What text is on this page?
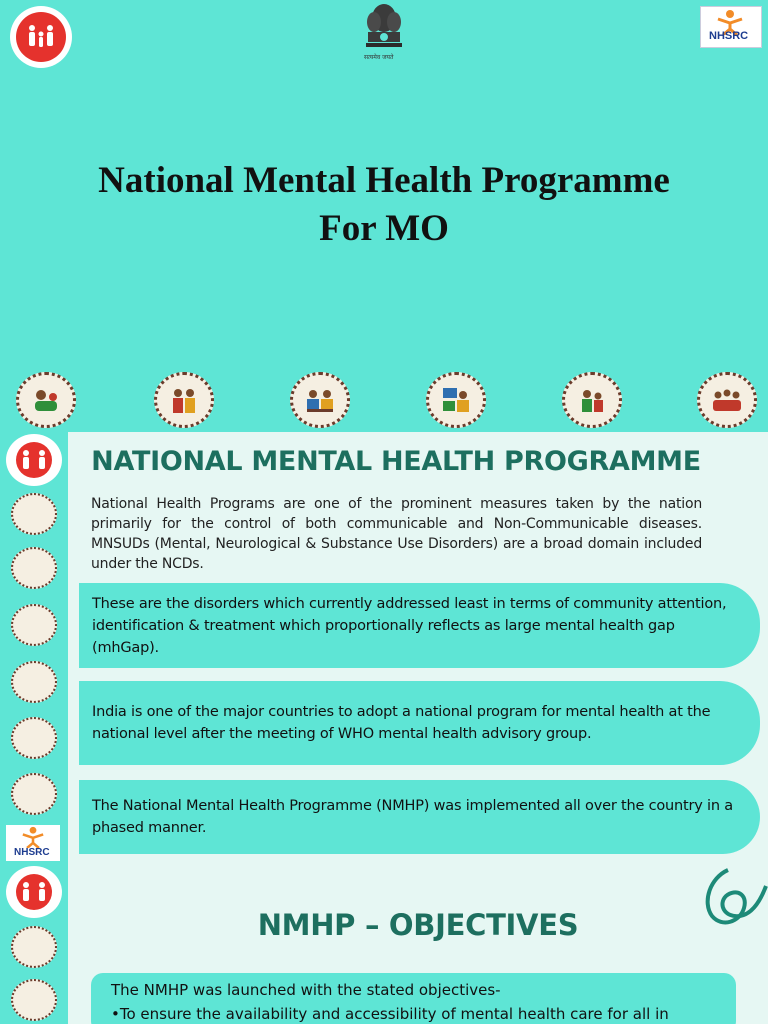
सत्यमेव जयते
NHSRC
National Mental Health Programme
For MO
NHSRC
NATIONAL MENTAL HEALTH PROGRAMME
National Health Programs are one of the prominent measures taken by the nation primarily for the control of both communicable and Non-Communicable diseases. MNSUDs (Mental, Neurological & Substance Use Disorders) are a broad domain included under the NCDs.
These are the disorders which currently addressed least in terms of community attention, identification & treatment which proportionally reflects as large mental health gap (mhGap).
India is one of the major countries to adopt a national program for mental health at the national level after the meeting of WHO mental health advisory group.
The National Mental Health Programme (NMHP) was implemented all over the country in a phased manner.
NMHP – OBJECTIVES
The NMHP was launched with the stated objectives-
•To ensure the availability and accessibility of mental health care for all in
